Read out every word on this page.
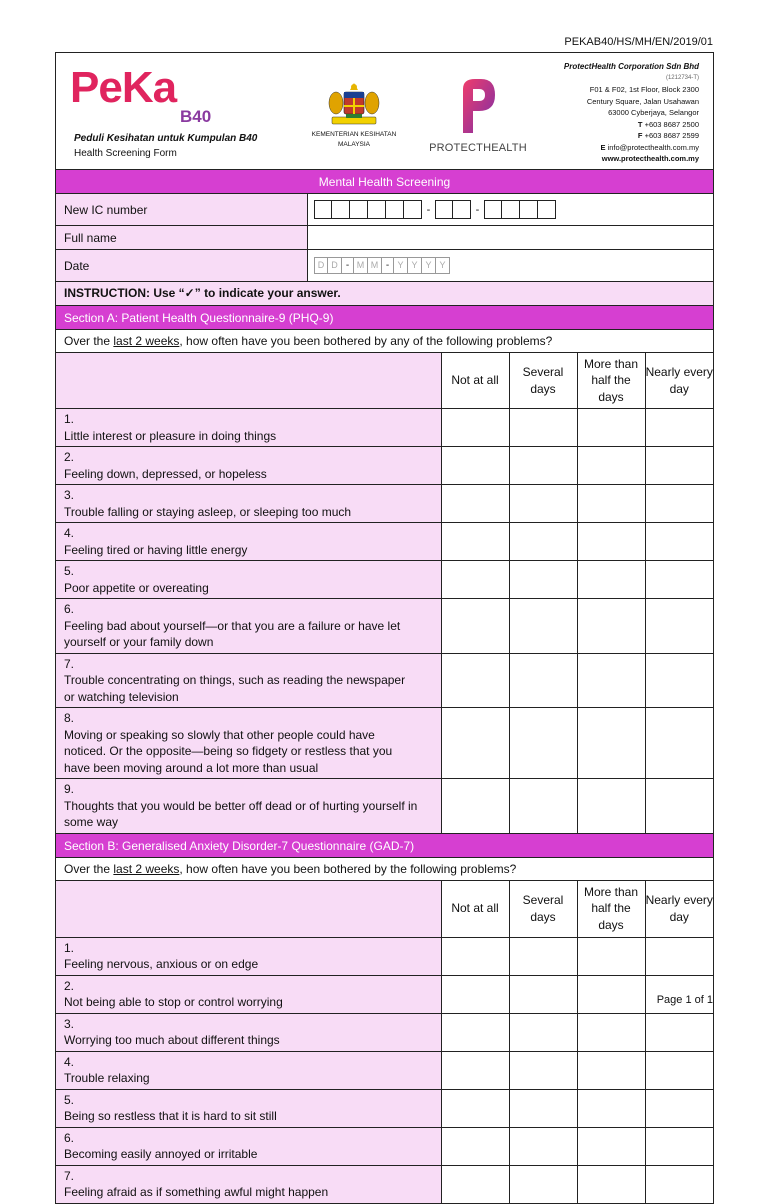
PEKAB40/HS/MH/EN/2019/01
PeKa
B40
Peduli Kesihatan untuk Kumpulan B40
Health Screening Form
KEMENTERIAN KESIHATAN
MALAYSIA	PROTECTHEALTH
ProtectHealth Corporation Sdn Bhd
(1212734-T)
F01 & F02, 1st Floor, Block 2300
Century Square, Jalan Usahawan
63000 Cyberjaya, Selangor
T +603 8687 2500
F +603 8687 2599
E info@protecthealth.com.my
www.protecthealth.com.my
Mental Health Screening
New IC number	-	-
Full name
Date	D D - M M - Y Y Y Y
INSTRUCTION: Use “✓” to indicate your answer.
Section A: Patient Health Questionnaire-9 (PHQ-9)
Over the last 2 weeks, how often have you been bothered by any of the following problems?
	Not at all	Several days	More than half the days	Nearly every day
1.Little interest or pleasure in doing things				
2.Feeling down, depressed, or hopeless				
3.Trouble falling or staying asleep, or sleeping too much				
4.Feeling tired or having little energy				
5.Poor appetite or overeating				
6.Feeling bad about yourself—or that you are a failure or have let yourself or your family down				
7.Trouble concentrating on things, such as reading the newspaper or watching television				
8.Moving or speaking so slowly that other people could have noticed. Or the opposite—being so fidgety or restless that you have been moving around a lot more than usual				
9.Thoughts that you would be better off dead or of hurting yourself in some way				
Section B: Generalised Anxiety Disorder-7 Questionnaire (GAD-7)
Over the last 2 weeks, how often have you been bothered by the following problems?
	Not at all	Several days	More than half the days	Nearly every day
1.Feeling nervous, anxious or on edge				
2.Not being able to stop or control worrying				
3.Worrying too much about different things				
4.Trouble relaxing				
5.Being so restless that it is hard to sit still				
6.Becoming easily annoyed or irritable				
7.Feeling afraid as if something awful might happen				
Page 1 of 1
